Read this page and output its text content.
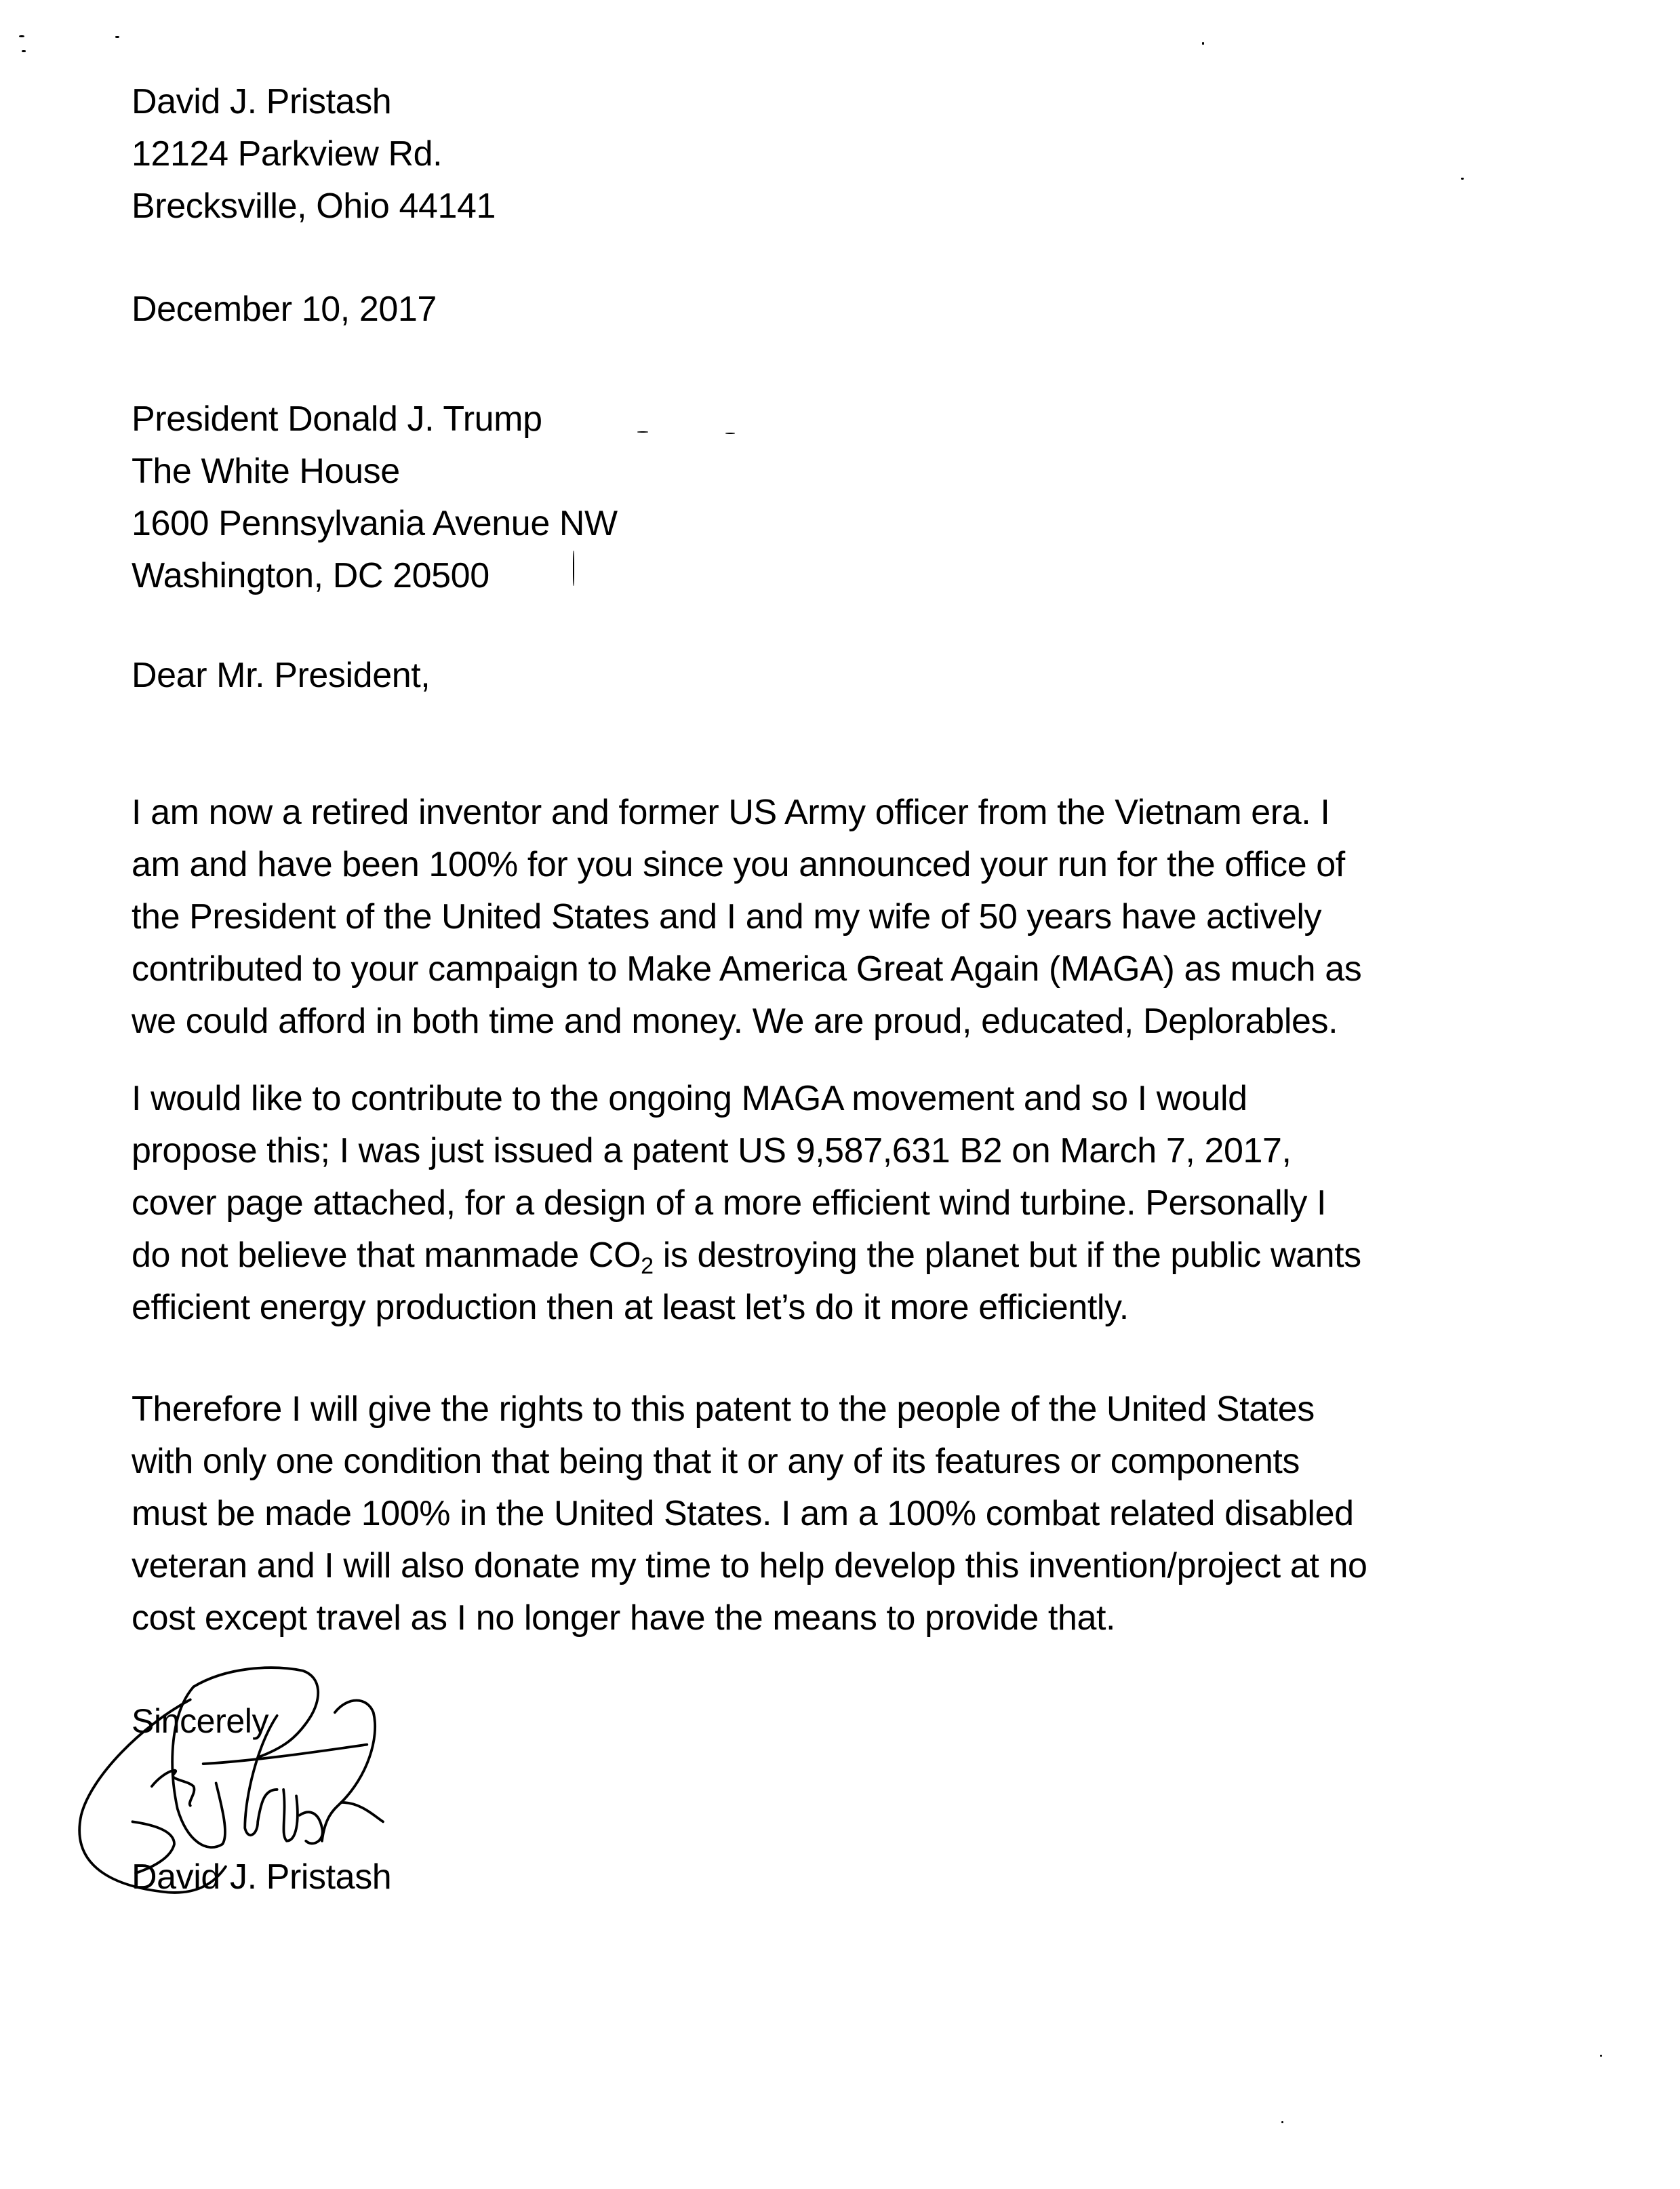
David J. Pristash
12124 Parkview Rd.
Brecksville, Ohio 44141
December 10, 2017
President Donald J. Trump
The White House
1600 Pennsylvania Avenue NW
Washington, DC 20500
Dear Mr. President,
I am now a retired inventor and former US Army officer from the Vietnam era. I
am and have been 100% for you since you announced your run for the office of
the President of the United States and I and my wife of 50 years have actively
contributed to your campaign to Make America Great Again (MAGA) as much as
we could afford in both time and money. We are proud, educated, Deplorables.
I would like to contribute to the ongoing MAGA movement and so I would
propose this; I was just issued a patent US 9,587,631 B2 on March 7, 2017,
cover page attached, for a design of a more efficient wind turbine. Personally I
do not believe that manmade $CO_2$ is destroying the planet but if the public wants
efficient energy production then at least let’s do it more efficiently.
Therefore I will give the rights to this patent to the people of the United States
with only one condition that being that it or any of its features or components
must be made 100% in the United States. I am a 100% combat related disabled
veteran and I will also donate my time to help develop this invention/project at no
cost except travel as I no longer have the means to provide that.
Sincerely
David J. Pristash
